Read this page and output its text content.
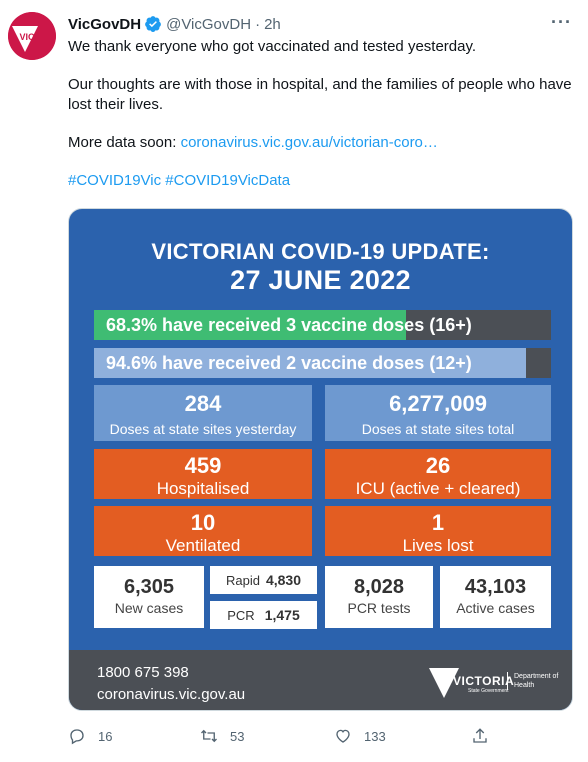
VIC
VicGovDH @VicGovDH · 2h	···

We thank everyone who got vaccinated and tested yesterday.

Our thoughts are with those in hospital, and the families of people who have lost their lives.

More data soon: coronavirus.vic.gov.au/victorian-coro…

#COVID19Vic #COVID19VicData

VICTORIAN COVID-19 UPDATE:
27 JUNE 2022
68.3% have received 3 vaccine doses (16+)
94.6% have received 2 vaccine doses (12+)
284
Doses at state sites yesterday
6,277,009
Doses at state sites total
459
Hospitalised
26
ICU (active + cleared)
10
Ventilated
1
Lives lost
6,305
New cases
Rapid 4,830
PCR 1,475
8,028
PCR tests
43,103
Active cases
1800 675 398
coronavirus.vic.gov.au
VICTORIA
State Government
Department of Health
16	53	133
